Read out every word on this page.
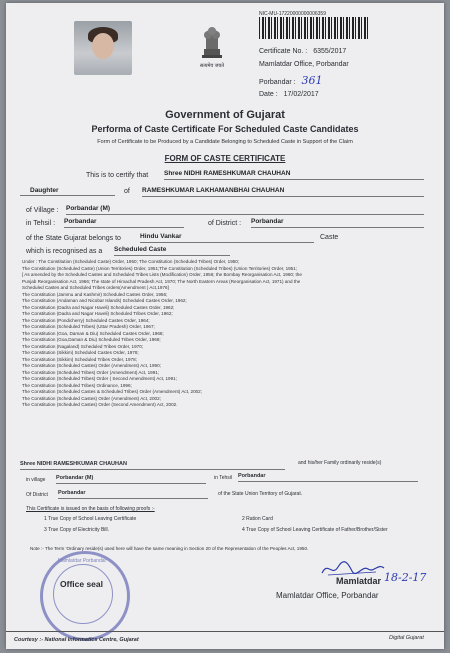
सत्यमेव जयते
NIC-MU-17220000000006359
Certificate No. : 6355/2017
Mamlatdar Office, Porbandar
Porbandar : 361
Date : 17/02/2017
Government of Gujarat
Performa of Caste Certificate For Scheduled Caste Candidates
Form of Certificate to be Produced by a Candidate Belonging to Scheduled Caste in Support of the Claim
FORM OF CASTE CERTIFICATE
This is to certify that Shree NIDHI RAMESHKUMAR CHAUHAN
Daughter	of RAMESHKUMAR LAKHAMANBHAI CHAUHAN
of Village : Porbandar (M)
in Tehsil : Porbandar	of District : Porbandar
of the State Gujarat belongs to	Hindu Vankar	Caste
which is recognised as a Scheduled Caste
Under : The Constitution (Scheduled Caste) Order, 1950; The Constitution (Scheduled Tribes) Order, 1950;
The Constitution (Scheduled Caste) (Union Territories) Order, 1951;The Constitution (Scheduled Tribes) (Union Territories) Order, 1951;
[ As amended by the Scheduled Castes and Scheduled Tribes Lists (Modification) Order, 1956; the Bombay Reorganisation Act, 1960; the
Punjab Reorganisation Act, 1966; The state of Himachal Pradesh Act, 1970; The North Eastern Areas (Reorganisation Act, 1971) and the
Scheduled Castes and Scheduled Tribes orders(Amendment ) Act,1976]
The Constitution (Jammu and Kashmir) Scheduled Castes Order, 1956;
The Constitution (Andaman and Nicobar Islands) Scheduled Castes Order, 1962;
The Constitution (Dadra and Nagar Haveli) Scheduled Castes Order, 1962;
The Constitution (Dadra and Nagar Haveli) Scheduled Tribes Order, 1962;
The Constitution (Pondicherry) Scheduled Castes Order, 1964;
The Constitution (Scheduled Tribes) (Uttar Pradesh) Order, 1967;
The Constitution (Goa, Daman & Diu) Scheduled Castes Order, 1968;
The Constitution (Goa,Daman & Diu) Scheduled Tribes Order, 1968;
The Constitution (Nagaland) Scheduled Tribes Order, 1970;
The Constitution (Sikkim) Scheduled Castes Order, 1978;
The Constitution (Sikkim) Scheduled Tribes Order, 1978;
The Constitution (Scheduled Castes) Order (Amendment) Act, 1990;
The Constitution (Scheduled Tribes) Order (Amendment) Act, 1991;
The Constitution (Scheduled Tribes) Order ( Second Amendment) Act, 1991;
The Constitution (Scheduled Tribes) Ordinance, 1996;
The Constitution (Scheduled Castes & Scheduled Tribes) Order (Amendment) Act, 2002;
The Constitution (Scheduled Castes) Order (Amendment) Act, 2002;
The Constitution (Scheduled Castes) Order (Second Amendment) Act, 2002.
Shree NIDHI RAMESHKUMAR CHAUHAN	and his/her Family ordinarily reside(s)
in village Porbandar (M)	in Tehsil Porbandar
Of District Porbandar	of the State Union Territory of Gujarat.
This Certificate is issued on the basis of following proofs :-
1 True Copy of School Leaving Certificate	2 Ration Card
3 True Copy of Electricity Bill.	4 True Copy of School Leaving Certificate of Father/Brother/Sister
Note :- The Term 'Ordinary reside(s) used here will have the same meaning in Section 20 of the Representation of the Peoples Act, 1950.
Mamlatdar Porbandar
Office seal	Mamlatdar 18-2-17
Mamlatdar Office, Porbandar
Courtesy :- National Informatics Centre, Gujarat	Digital Gujarat
